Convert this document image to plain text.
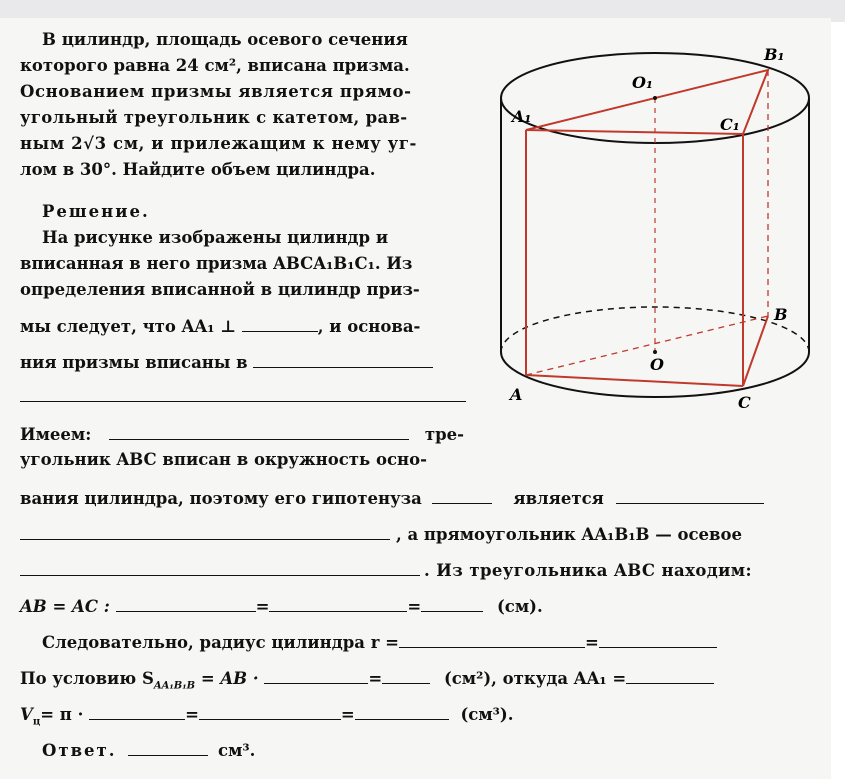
В цилиндр, площадь осевого сечения
которого равна 24 см², вписана призма.
Основанием призмы является прямо-
угольный треугольник с катетом, рав-
ным 2√3 см, и прилежащим к нему уг-
лом в 30°. Найдите объем цилиндра.
Решение.
На рисунке изображены цилиндр и
вписанная в него призма ABCA₁B₁C₁. Из
определения вписанной в цилиндр приз-
мы следует, что AA₁ ⊥	, и основа-
ния призмы вписаны в
Имеем:	тре-
угольник ABC вписан в окружность осно-
вания цилиндра, поэтому его гипотенуза	является
, а прямоугольник AA₁B₁B — осевое
. Из треугольника ABC находим:
AB = AC :	=	=	(см).
Следовательно, радиус цилиндра r =	=
По условию $S_{AA_1B_1B}$ = AB ·	=	(см²), откуда AA₁ =
$V_ц= \pi$ ·	=	=	(см³).
Ответ.	см³.
B₁
O₁
A₁	C₁
B
O
A	C
